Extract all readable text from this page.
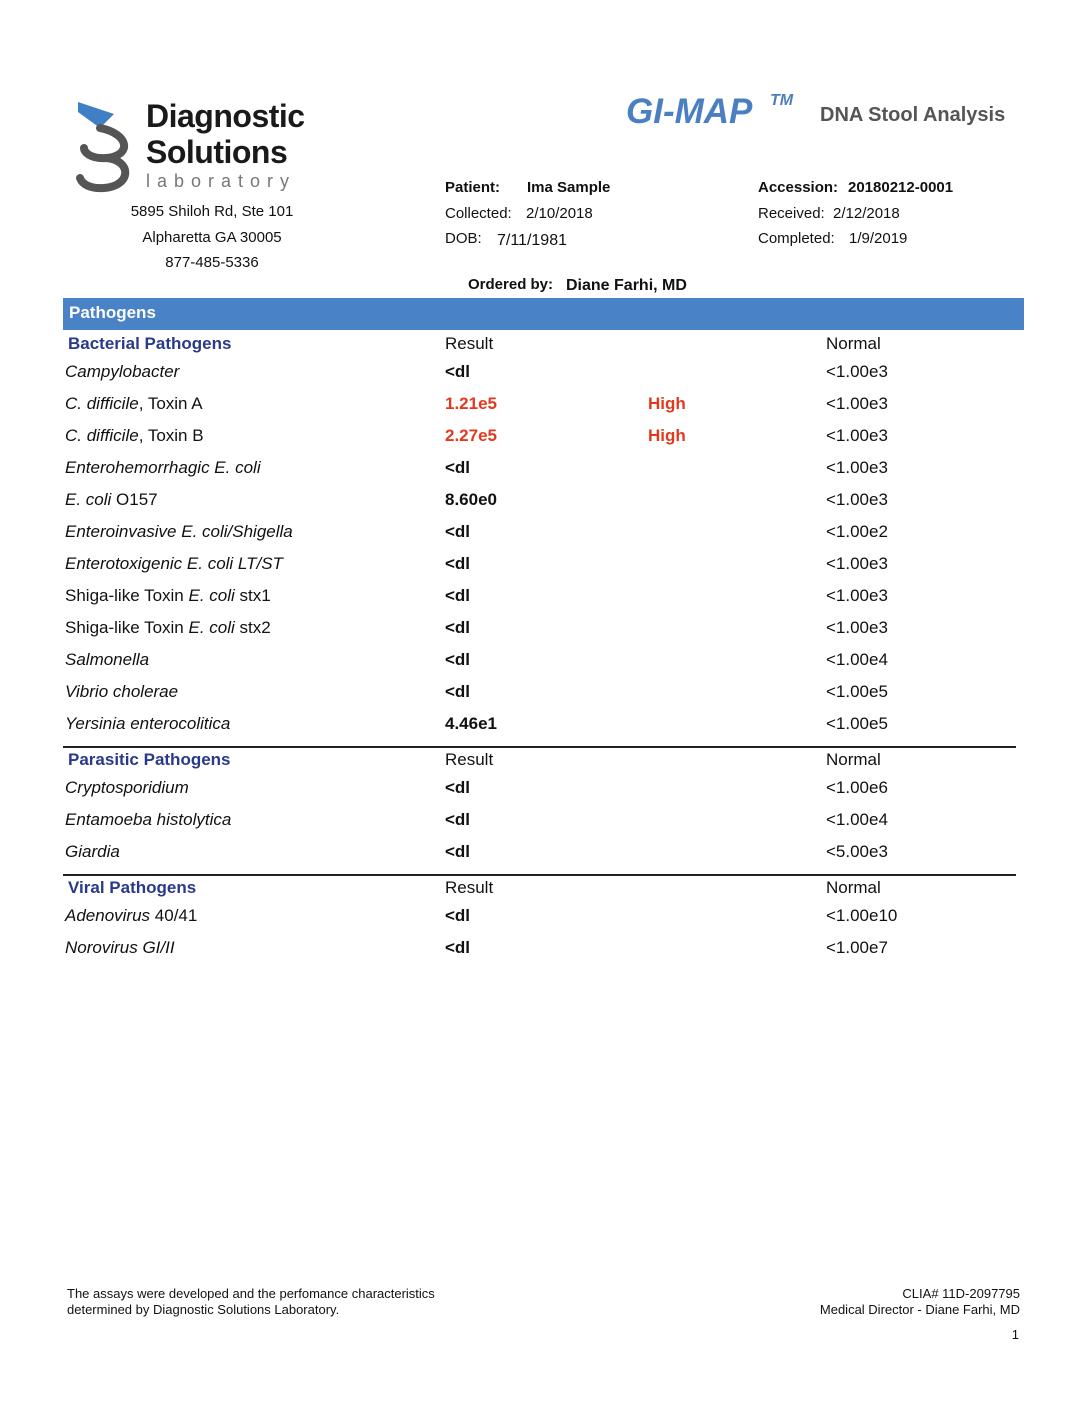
Diagnostic
Solutions
laboratory
5895 Shiloh Rd, Ste 101
Alpharetta GA 30005
877-485-5336
GI-MAP TM
DNA Stool Analysis
Patient: Ima Sample
Collected: 2/10/2018
DOB: 7/11/1981
Accession: 20180212-0001
Received: 2/12/2018
Completed: 1/9/2019
Ordered by: Diane Farhi, MD
Pathogens
Bacterial Pathogens	Result	Normal
Campylobacter	<dl	<1.00e3
C. difficile, Toxin A	1.21e5	High	<1.00e3
C. difficile, Toxin B	2.27e5	High	<1.00e3
Enterohemorrhagic E. coli	<dl	<1.00e3
E. coli O157	8.60e0	<1.00e3
Enteroinvasive E. coli/Shigella	<dl	<1.00e2
Enterotoxigenic E. coli LT/ST	<dl	<1.00e3
Shiga-like Toxin E. coli stx1	<dl	<1.00e3
Shiga-like Toxin E. coli stx2	<dl	<1.00e3
Salmonella	<dl	<1.00e4
Vibrio cholerae	<dl	<1.00e5
Yersinia enterocolitica	4.46e1	<1.00e5
Parasitic Pathogens	Result	Normal
Cryptosporidium	<dl	<1.00e6
Entamoeba histolytica	<dl	<1.00e4
Giardia	<dl	<5.00e3
Viral Pathogens	Result	Normal
Adenovirus 40/41	<dl	<1.00e10
Norovirus GI/II	<dl	<1.00e7
The assays were developed and the perfomance characteristics
determined by Diagnostic Solutions Laboratory.
CLIA# 11D-2097795
Medical Director - Diane Farhi, MD
1
